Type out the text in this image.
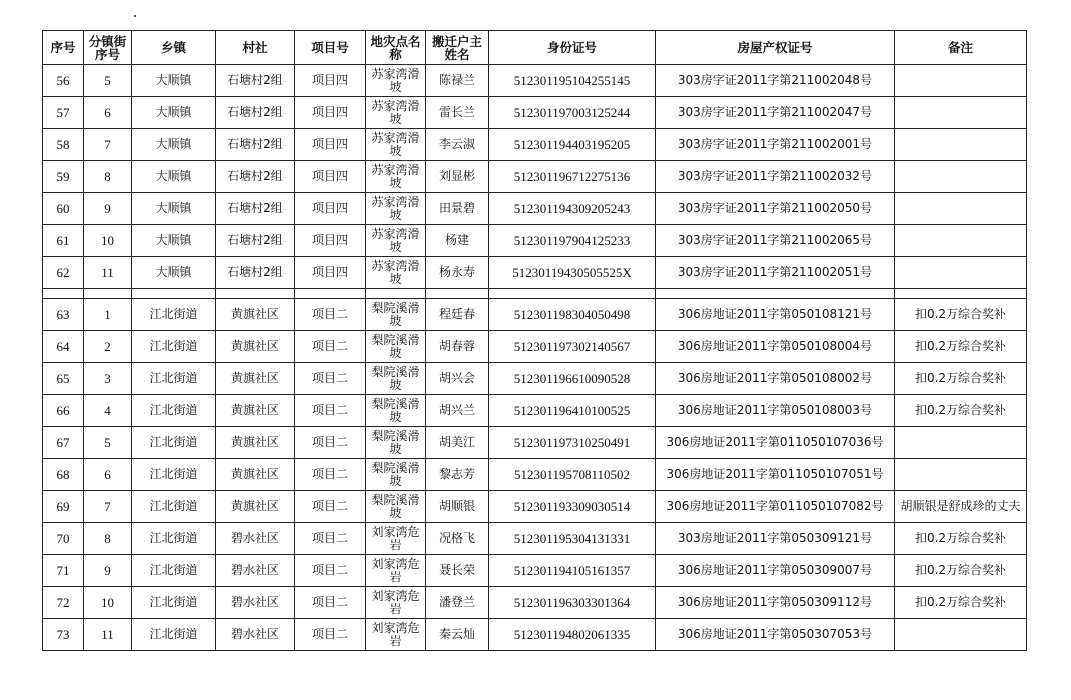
序号	分镇街序号	乡镇	村社	项目号	地灾点名称	搬迁户主姓名	身份证号	房屋产权证号	备注
56	5	大顺镇	石塘村2组	项目四	苏家湾滑坡	陈禄兰	512301195104255145	303房字证2011字第211002048号	
57	6	大顺镇	石塘村2组	项目四	苏家湾滑坡	雷长兰	512301197003125244	303房字证2011字第211002047号	
58	7	大顺镇	石塘村2组	项目四	苏家湾滑坡	李云淑	512301194403195205	303房字证2011字第211002001号	
59	8	大顺镇	石塘村2组	项目四	苏家湾滑坡	刘显彬	512301196712275136	303房字证2011字第211002032号	
60	9	大顺镇	石塘村2组	项目四	苏家湾滑坡	田景碧	512301194309205243	303房字证2011字第211002050号	
61	10	大顺镇	石塘村2组	项目四	苏家湾滑坡	杨建	512301197904125233	303房字证2011字第211002065号	
62	11	大顺镇	石塘村2组	项目四	苏家湾滑坡	杨永寿	51230119430505525X	303房字证2011字第211002051号	

63	1	江北街道	黄旗社区	项目二	梨院溪滑坡	程廷春	512301198304050498	306房地证2011字第050108121号	扣0.2万综合奖补
64	2	江北街道	黄旗社区	项目二	梨院溪滑坡	胡春蓉	512301197302140567	306房地证2011字第050108004号	扣0.2万综合奖补
65	3	江北街道	黄旗社区	项目二	梨院溪滑坡	胡兴会	512301196610090528	306房地证2011字第050108002号	扣0.2万综合奖补
66	4	江北街道	黄旗社区	项目二	梨院溪滑坡	胡兴兰	512301196410100525	306房地证2011字第050108003号	扣0.2万综合奖补
67	5	江北街道	黄旗社区	项目二	梨院溪滑坡	胡美江	512301197310250491	306房地证2011字第011050107036号	
68	6	江北街道	黄旗社区	项目二	梨院溪滑坡	黎志芳	512301195708110502	306房地证2011字第011050107051号	
69	7	江北街道	黄旗社区	项目二	梨院溪滑坡	胡顺银	512301193309030514	306房地证2011字第011050107082号	胡顺银是舒成珍的丈夫
70	8	江北街道	碧水社区	项目二	刘家湾危岩	况格飞	512301195304131331	303房地证2011字第050309121号	扣0.2万综合奖补
71	9	江北街道	碧水社区	项目二	刘家湾危岩	聂长荣	512301194105161357	306房地证2011字第050309007号	扣0.2万综合奖补
72	10	江北街道	碧水社区	项目二	刘家湾危岩	潘登兰	512301196303301364	306房地证2011字第050309112号	扣0.2万综合奖补
73	11	江北街道	碧水社区	项目二	刘家湾危岩	秦云灿	512301194802061335	306房地证2011字第050307053号	
